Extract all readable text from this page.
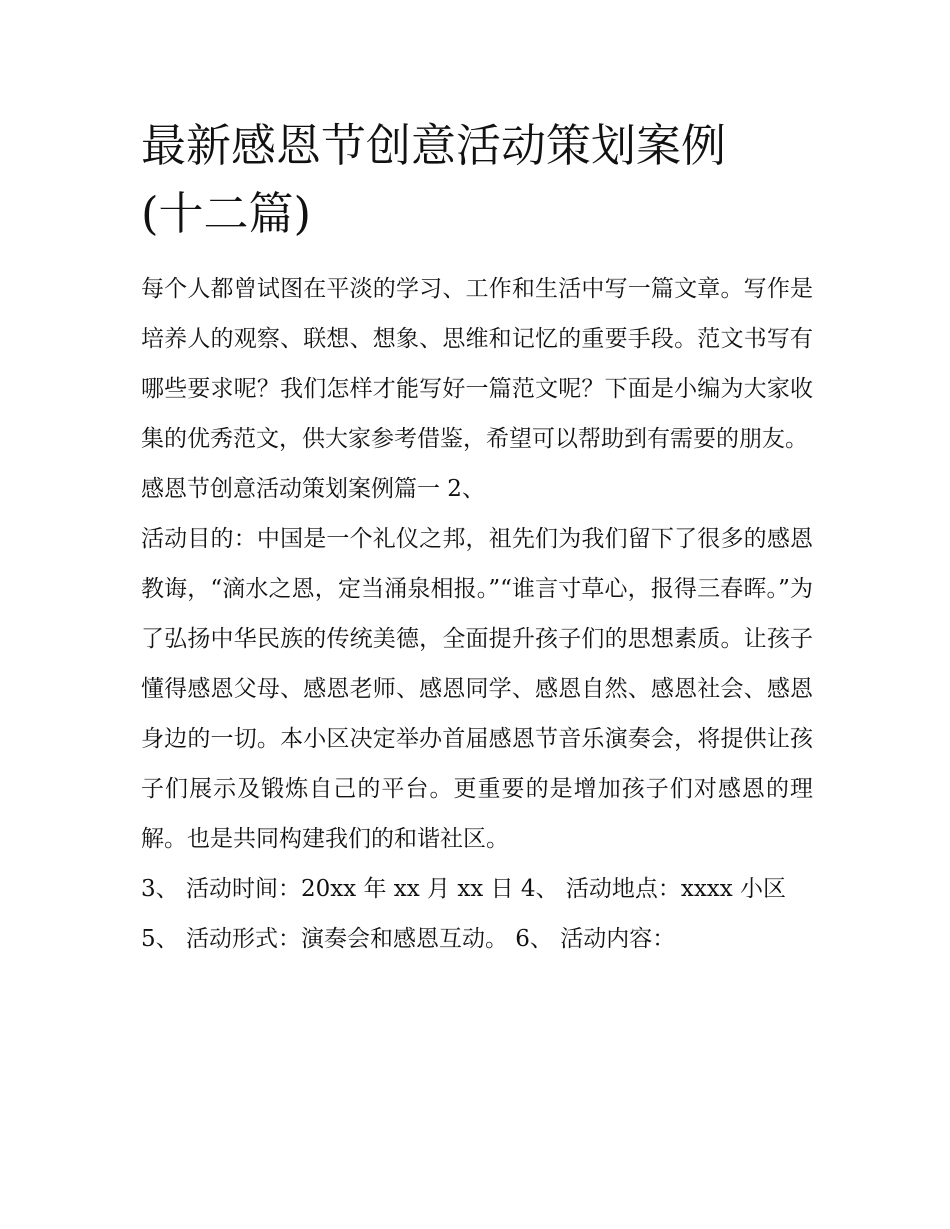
最新感恩节创意活动策划案例
(十二篇)

每个人都曾试图在平淡的学习、工作和生活中写一篇文章。写作是培养人的观察、联想、想象、思维和记忆的重要手段。范文书写有哪些要求呢？我们怎样才能写好一篇范文呢？下面是小编为大家收集的优秀范文，供大家参考借鉴，希望可以帮助到有需要的朋友。

感恩节创意活动策划案例篇一 2、

活动目的：中国是一个礼仪之邦，祖先们为我们留下了很多的感恩教诲，“滴水之恩，定当涌泉相报。”“谁言寸草心，报得三春晖。”为了弘扬中华民族的传统美德，全面提升孩子们的思想素质。让孩子懂得感恩父母、感恩老师、感恩同学、感恩自然、感恩社会、感恩身边的一切。本小区决定举办首届感恩节音乐演奏会，将提供让孩子们展示及锻炼自己的平台。更重要的是增加孩子们对感恩的理解。也是共同构建我们的和谐社区。

3、 活动时间：20xx 年 xx 月 xx 日 4、 活动地点：xxxx 小区

5、 活动形式：演奏会和感恩互动。 6、 活动内容：
